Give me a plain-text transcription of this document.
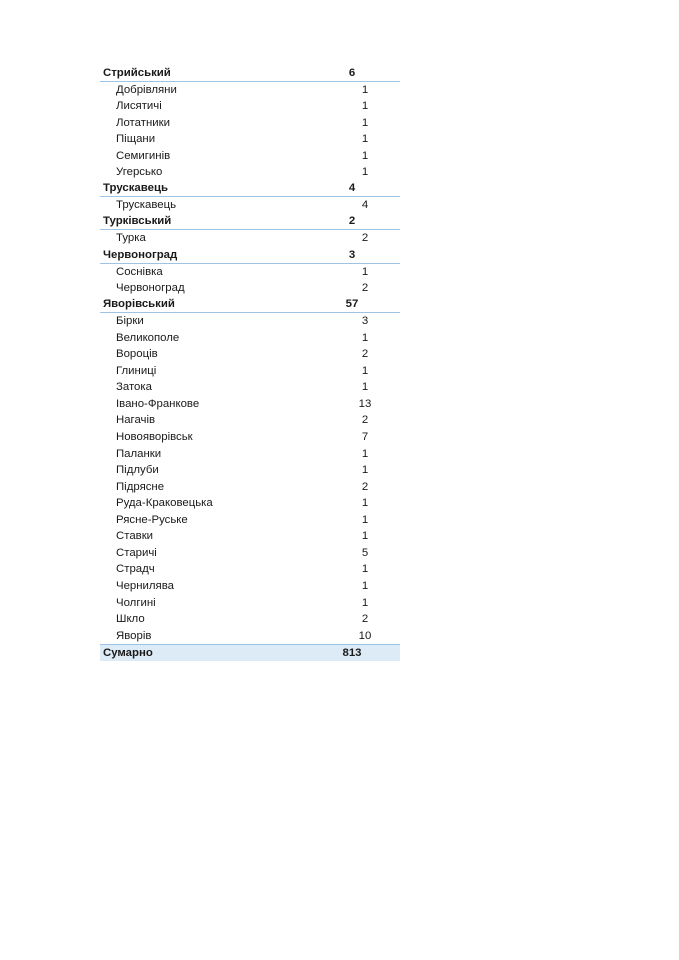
Стрийський	6
Добрівляни	1
Лисятичі	1
Лотатники	1
Піщани	1
Семигинів	1
Угерсько	1
Трускавець	4
Трускавець	4
Турківський	2
Турка	2
Червоноград	3
Соснівка	1
Червоноград	2
Яворівський	57
Бірки	3
Великополе	1
Вороців	2
Глиниці	1
Затока	1
Івано-Франкове	13
Нагачів	2
Новояворівськ	7
Паланки	1
Підлуби	1
Підрясне	2
Руда-Краковецька	1
Рясне-Руське	1
Ставки	1
Старичі	5
Страдч	1
Чернилява	1
Чолгині	1
Шкло	2
Яворів	10
Сумарно	813
